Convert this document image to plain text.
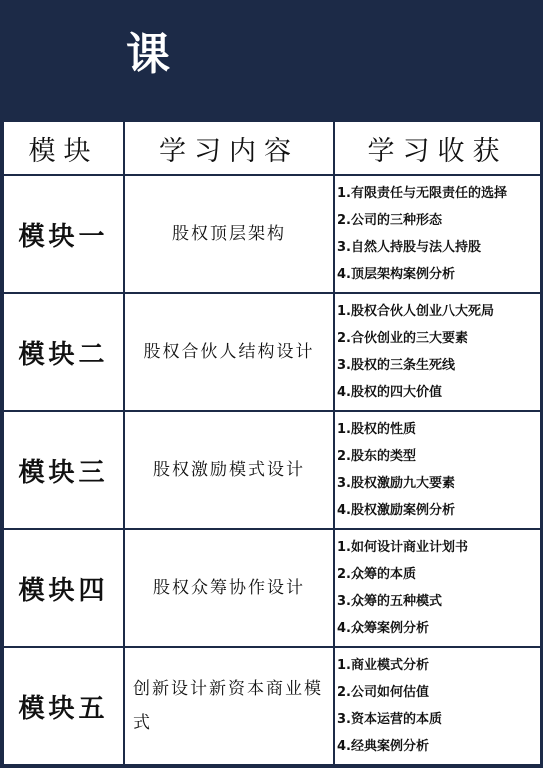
课
模块	学习内容	学习收获
模块一	股权顶层架构	1.有限责任与无限责任的选择
2.公司的三种形态
3.自然人持股与法人持股
4.顶层架构案例分析

模块二	股权合伙人结构设计	1.股权合伙人创业八大死局
2.合伙创业的三大要素
3.股权的三条生死线
4.股权的四大价值

模块三	股权激励模式设计	1.股权的性质
2.股东的类型
3.股权激励九大要素
4.股权激励案例分析

模块四	股权众筹协作设计	1.如何设计商业计划书
2.众筹的本质
3.众筹的五种模式
4.众筹案例分析

模块五	创新设计新资本商业模式	1.商业模式分析
2.公司如何估值
3.资本运营的本质
4.经典案例分析
